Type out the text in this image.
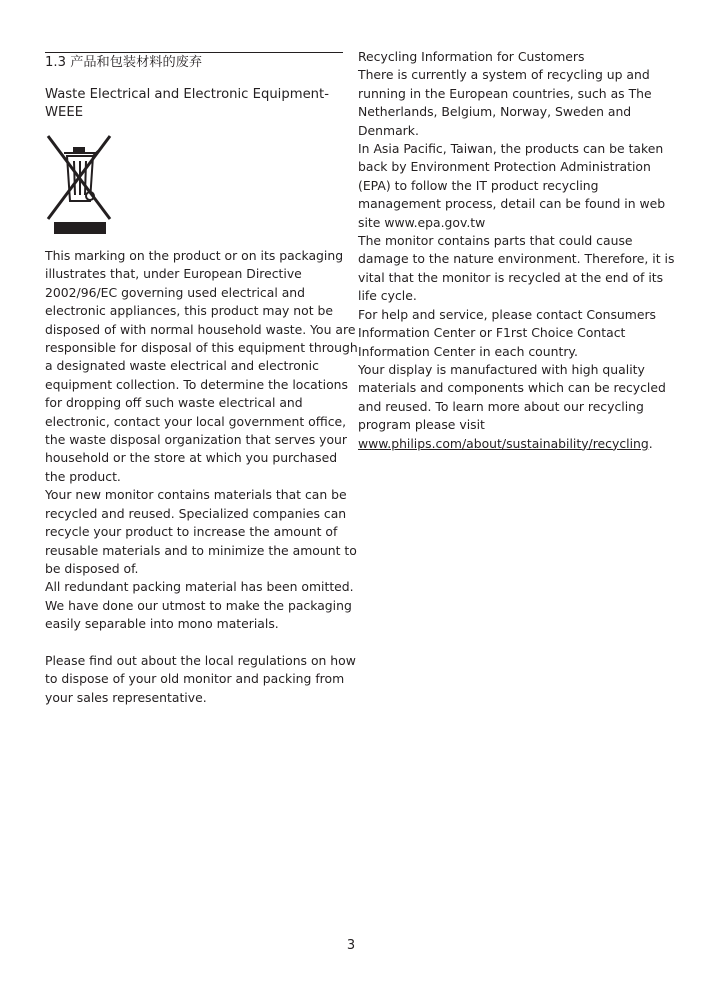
1.3 产品和包装材料的废弃
Waste Electrical and Electronic Equipment-
WEEE
This marking on the product or on its packaging
illustrates that, under European Directive
2002/96/EC governing used electrical and
electronic appliances, this product may not be
disposed of with normal household waste. You are
responsible for disposal of this equipment through
a designated waste electrical and electronic
equipment collection. To determine the locations
for dropping off such waste electrical and
electronic, contact your local government office,
the waste disposal organization that serves your
household or the store at which you purchased
the product.
Your new monitor contains materials that can be
recycled and reused. Specialized companies can
recycle your product to increase the amount of
reusable materials and to minimize the amount to
be disposed of.
All redundant packing material has been omitted.
We have done our utmost to make the packaging
easily separable into mono materials.

Please find out about the local regulations on how
to dispose of your old monitor and packing from
your sales representative.
Recycling Information for Customers
There is currently a system of recycling up and
running in the European countries, such as The
Netherlands, Belgium, Norway, Sweden and
Denmark.
In Asia Pacific, Taiwan, the products can be taken
back by Environment Protection Administration
(EPA) to follow the IT product recycling
management process, detail can be found in web
site www.epa.gov.tw
The monitor contains parts that could cause
damage to the nature environment. Therefore, it is
vital that the monitor is recycled at the end of its
life cycle.
For help and service, please contact Consumers
Information Center or F1rst Choice Contact
Information Center in each country.
Your display is manufactured with high quality
materials and components which can be recycled
and reused. To learn more about our recycling
program please visit
www.philips.com/about/sustainability/recycling.
3
